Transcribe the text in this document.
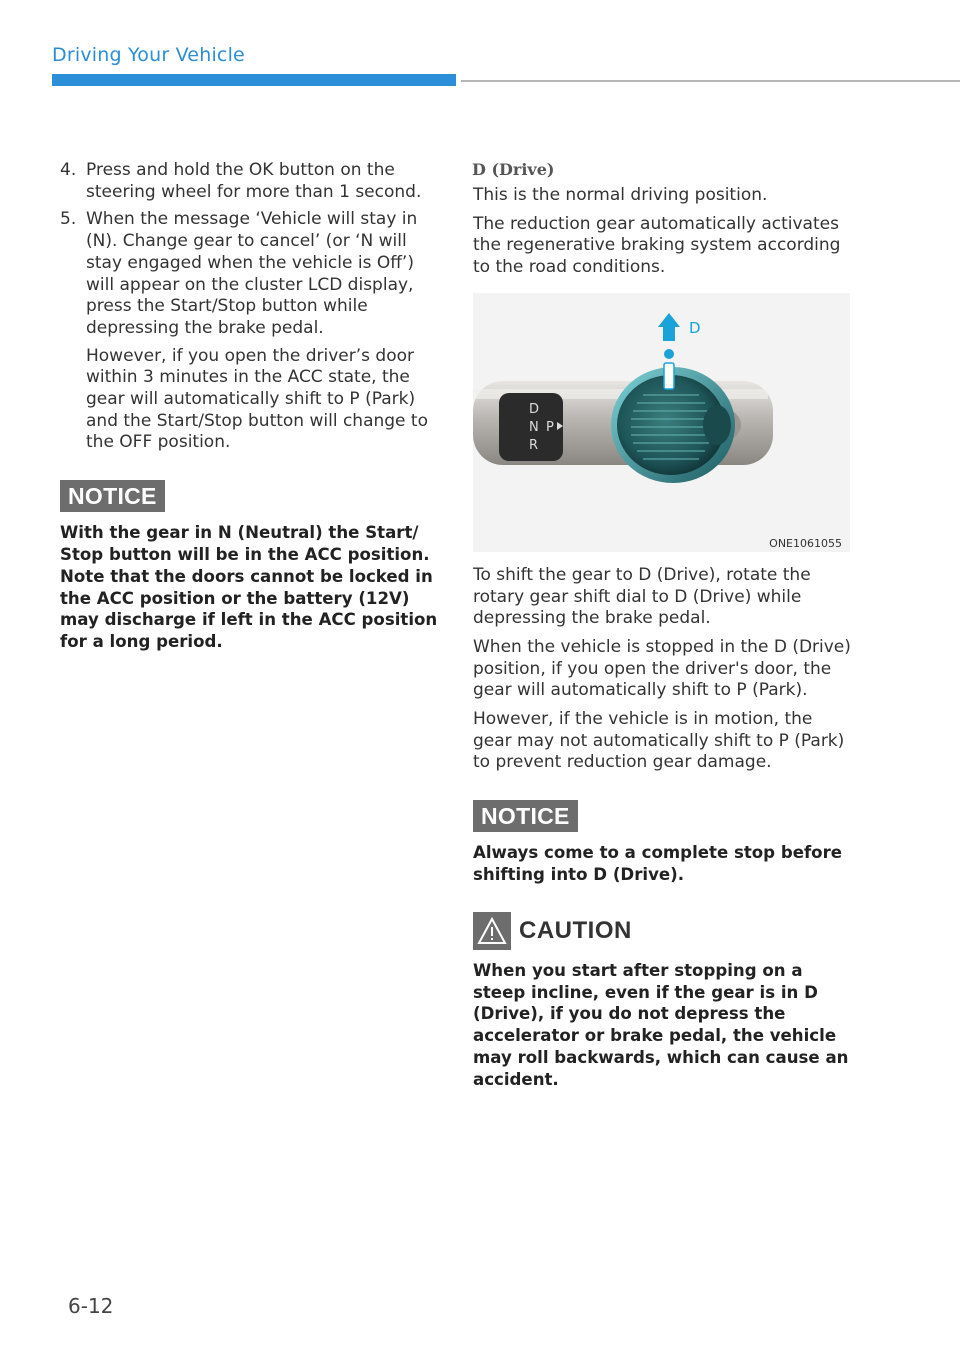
Driving Your Vehicle
4. Press and hold the OK button on the steering wheel for more than 1 second.

5. When the message ‘Vehicle will stay in (N). Change gear to cancel’ (or ‘N will stay engaged when the vehicle is Off’) will appear on the cluster LCD display, press the Start/Stop button while depressing the brake pedal.

However, if you open the driver’s door within 3 minutes in the ACC state, the gear will automatically shift to P (Park) and the Start/Stop button will change to the OFF position.

NOTICE

With the gear in N (Neutral) the Start/ Stop button will be in the ACC position. Note that the doors cannot be locked in the ACC position or the battery (12V) may discharge if left in the ACC position for a long period.

D (Drive)

This is the normal driving position.

The reduction gear automatically activates the regenerative braking system according to the road conditions.

D
N P
R
D
ONE1061055

To shift the gear to D (Drive), rotate the rotary gear shift dial to D (Drive) while depressing the brake pedal.

When the vehicle is stopped in the D (Drive) position, if you open the driver's door, the gear will automatically shift to P (Park).

However, if the vehicle is in motion, the gear may not automatically shift to P (Park) to prevent reduction gear damage.

NOTICE

Always come to a complete stop before shifting into D (Drive).

CAUTION

When you start after stopping on a steep incline, even if the gear is in D (Drive), if you do not depress the accelerator or brake pedal, the vehicle may roll backwards, which can cause an accident.

6-12
